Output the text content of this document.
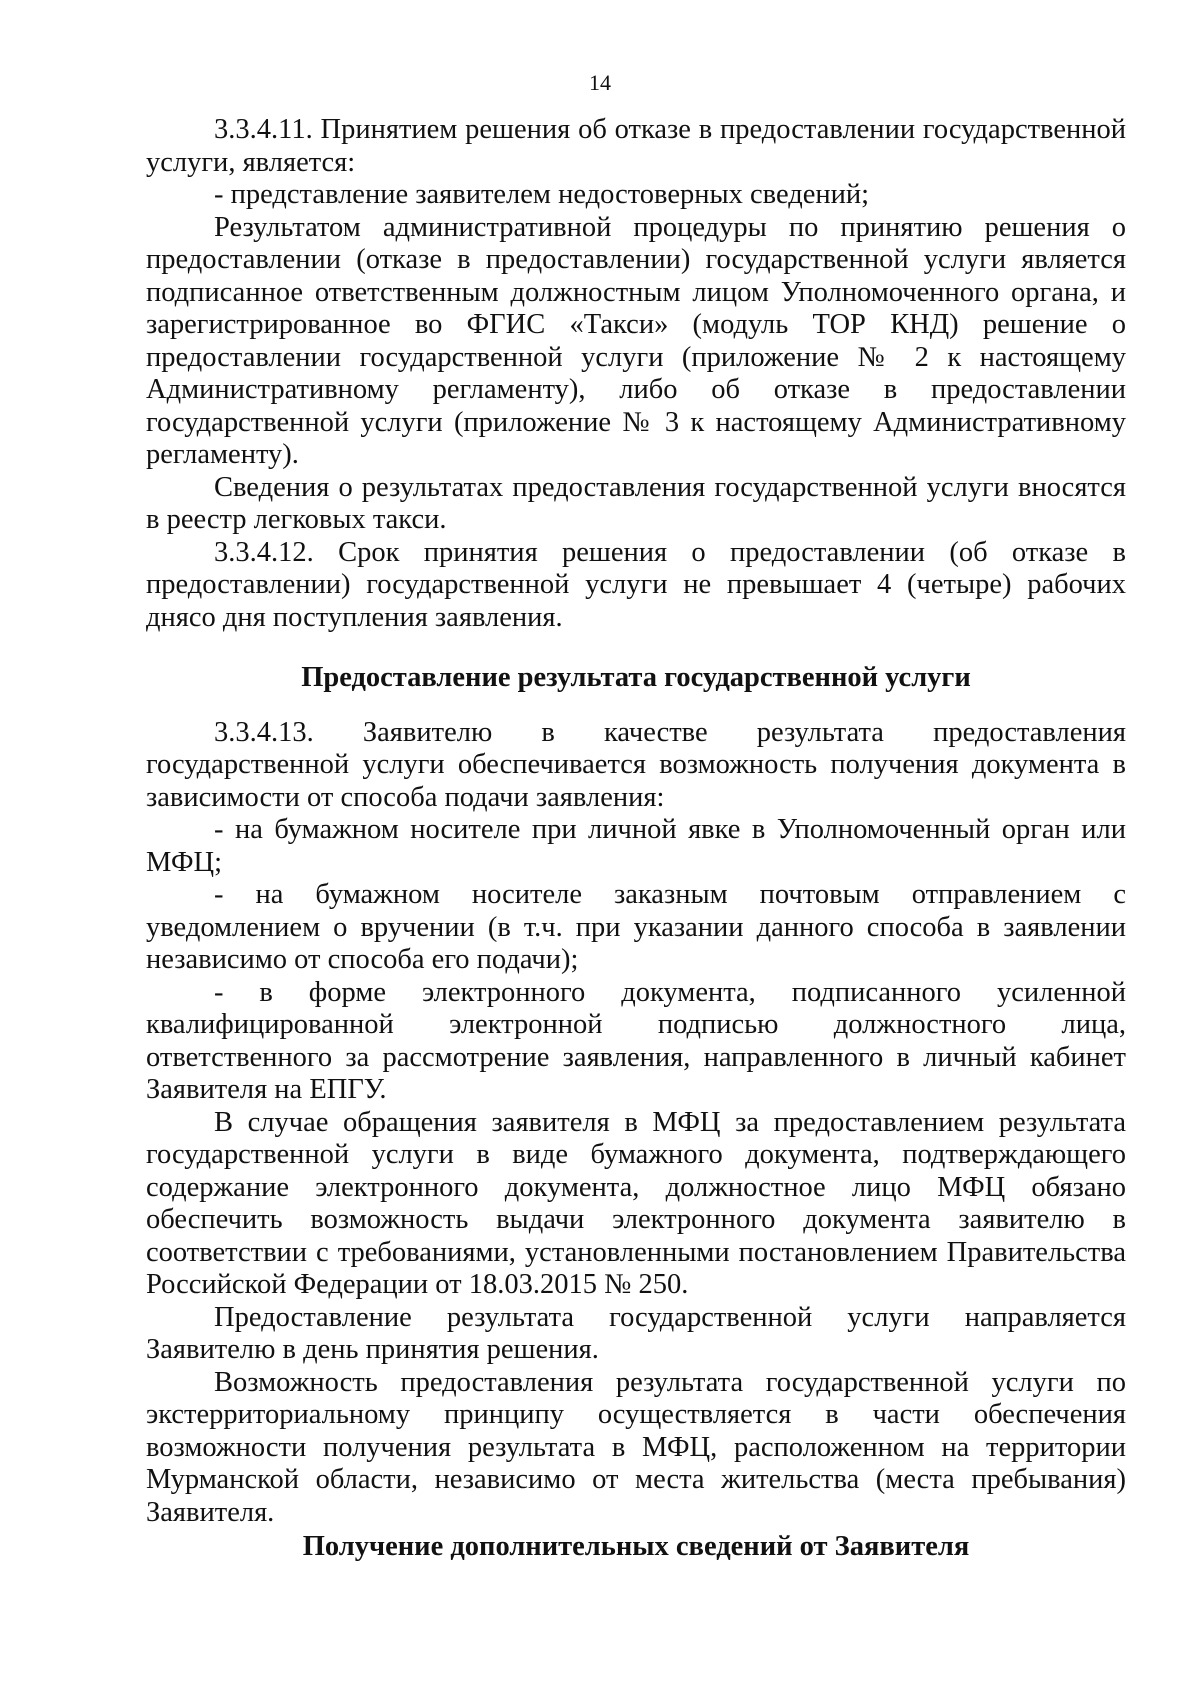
14

3.3.4.11. Принятием решения об отказе в предоставлении государственной услуги, является:

- представление заявителем недостоверных сведений;

Результатом административной процедуры по принятию решения о предоставлении (отказе в предоставлении) государственной услуги является подписанное ответственным должностным лицом Уполномоченного органа, и зарегистрированное во ФГИС «Такси» (модуль ТОР КНД) решение о предоставлении государственной услуги (приложение № 2 к настоящему Административному регламенту), либо об отказе в предоставлении государственной услуги (приложение № 3 к настоящему Административному регламенту).

Сведения о результатах предоставления государственной услуги вносятся в реестр легковых такси.

3.3.4.12. Срок принятия решения о предоставлении (об отказе в предоставлении) государственной услуги не превышает 4 (четыре) рабочих днясо дня поступления заявления.

Предоставление результата государственной услуги

3.3.4.13. Заявителю в качестве результата предоставления государственной услуги обеспечивается возможность получения документа в зависимости от способа подачи заявления:

- на бумажном носителе при личной явке в Уполномоченный орган или МФЦ;

- на бумажном носителе заказным почтовым отправлением с уведомлением о вручении (в т.ч. при указании данного способа в заявлении независимо от способа его подачи);

- в форме электронного документа, подписанного усиленной квалифицированной электронной подписью должностного лица, ответственного за рассмотрение заявления, направленного в личный кабинет Заявителя на ЕПГУ.

В случае обращения заявителя в МФЦ за предоставлением результата государственной услуги в виде бумажного документа, подтверждающего содержание электронного документа, должностное лицо МФЦ обязано обеспечить возможность выдачи электронного документа заявителю в соответствии с требованиями, установленными постановлением Правительства Российской Федерации от 18.03.2015 № 250.

Предоставление результата государственной услуги направляется Заявителю в день принятия решения.

Возможность предоставления результата государственной услуги по экстерриториальному принципу осуществляется в части обеспечения возможности получения результата в МФЦ, расположенном на территории Мурманской области, независимо от места жительства (места пребывания) Заявителя.

Получение дополнительных сведений от Заявителя
